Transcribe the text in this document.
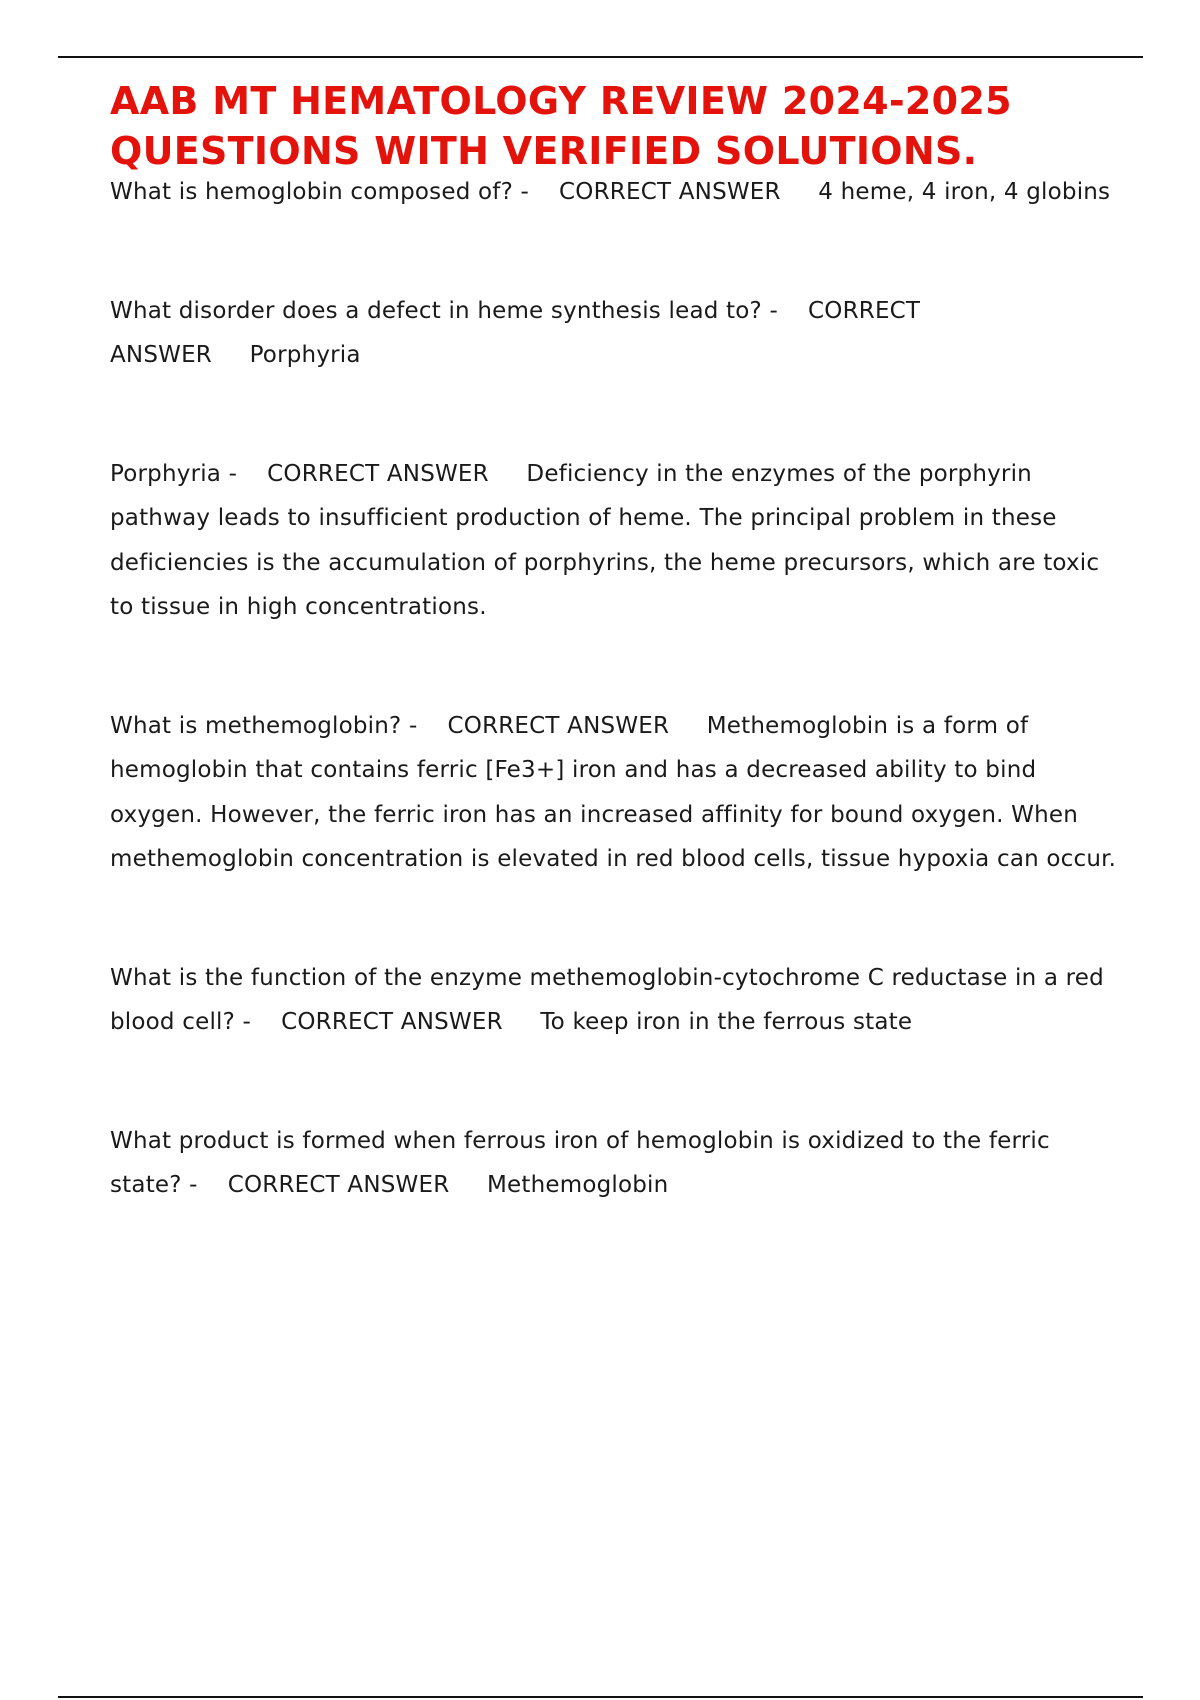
AAB MT HEMATOLOGY REVIEW 2024-2025 QUESTIONS WITH VERIFIED SOLUTIONS.

What is hemoglobin composed of? - CORRECT ANSWER 4 heme, 4 iron, 4 globins

What disorder does a defect in heme synthesis lead to? - CORRECT ANSWER Porphyria

Porphyria - CORRECT ANSWER Deficiency in the enzymes of the porphyrin pathway leads to insufficient production of heme. The principal problem in these deficiencies is the accumulation of porphyrins, the heme precursors, which are toxic to tissue in high concentrations.

What is methemoglobin? - CORRECT ANSWER Methemoglobin is a form of hemoglobin that contains ferric [Fe3+] iron and has a decreased ability to bind oxygen. However, the ferric iron has an increased affinity for bound oxygen. When methemoglobin concentration is elevated in red blood cells, tissue hypoxia can occur.

What is the function of the enzyme methemoglobin-cytochrome C reductase in a red blood cell? - CORRECT ANSWER To keep iron in the ferrous state

What product is formed when ferrous iron of hemoglobin is oxidized to the ferric state? - CORRECT ANSWER Methemoglobin
